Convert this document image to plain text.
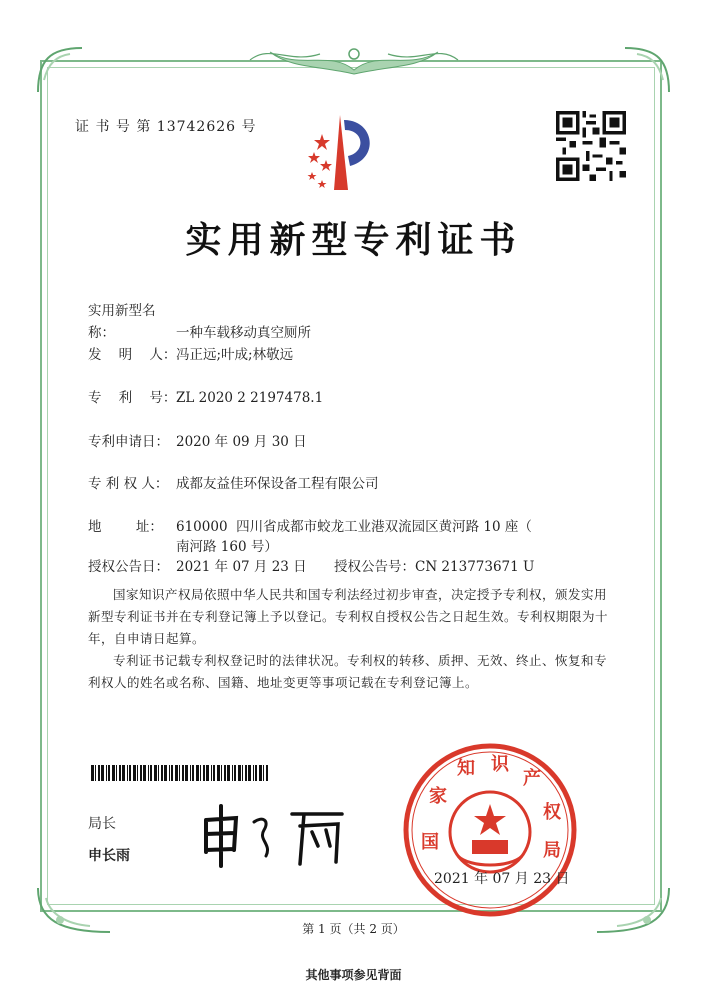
证 书 号 第 13742626 号
实用新型专利证书
实用新型名称：	一种车载移动真空厕所
发    明    人：冯正远;叶成;林敬远
专    利    号：ZL 2020 2 2197478.1
专利申请日： 2020 年 09 月 30 日
专 利 权 人： 成都友益佳环保设备工程有限公司
地        址： 610000  四川省成都市蛟龙工业港双流园区黄河路 10 座（
南河路 160 号）
授权公告日： 2021 年 07 月 23 日 授权公告号：CN 213773671 U
国家知识产权局依照中华人民共和国专利法经过初步审查，决定授予专利权，颁发实用新型专利证书并在专利登记簿上予以登记。专利权自授权公告之日起生效。专利权期限为十年，自申请日起算。
专利证书记载专利权登记时的法律状况。专利权的转移、质押、无效、终止、恢复和专利权人的姓名或名称、国籍、地址变更等事项记载在专利登记簿上。
局长
申长雨
国
家
知 识
产
权
局
2021 年 07 月 23 日
第 1 页（共 2 页）
其他事项参见背面
